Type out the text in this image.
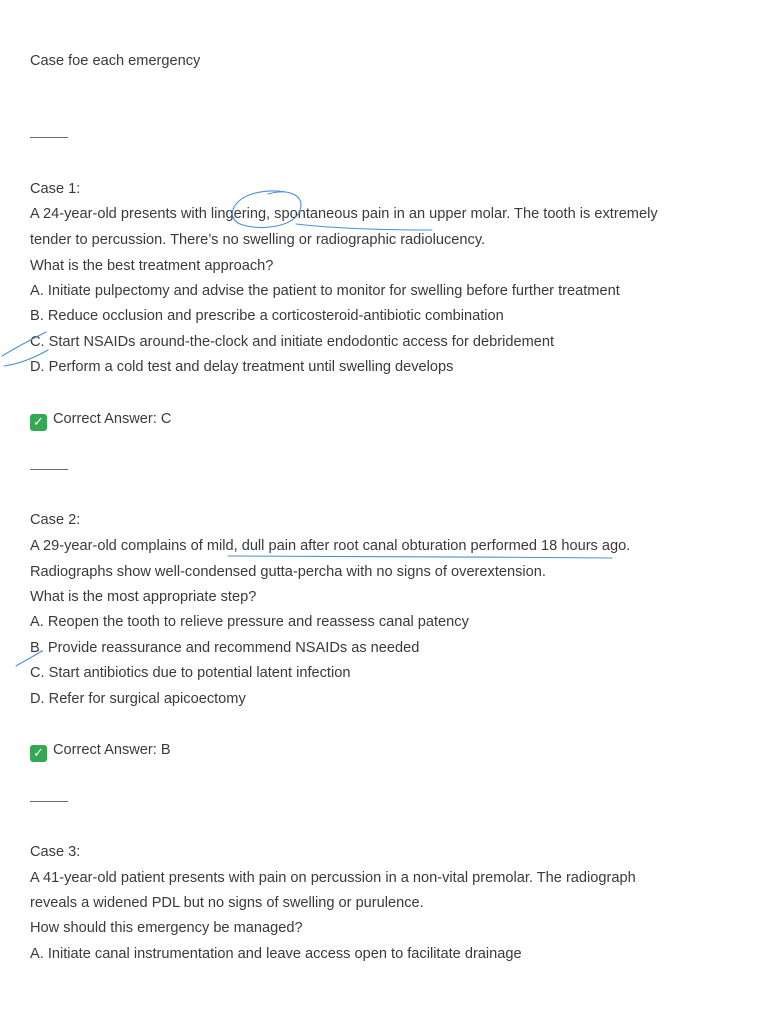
Case foe each emergency
Case 1:
A 24-year-old presents with lingering, spontaneous pain in an upper molar. The tooth is extremely
tender to percussion. There’s no swelling or radiographic radiolucency.
What is the best treatment approach?
A. Initiate pulpectomy and advise the patient to monitor for swelling before further treatment
B. Reduce occlusion and prescribe a corticosteroid-antibiotic combination
C. Start NSAIDs around-the-clock and initiate endodontic access for debridement
D. Perform a cold test and delay treatment until swelling develops
✓ Correct Answer: C
Case 2:
A 29-year-old complains of mild, dull pain after root canal obturation performed 18 hours ago.
Radiographs show well-condensed gutta-percha with no signs of overextension.
What is the most appropriate step?
A. Reopen the tooth to relieve pressure and reassess canal patency
B. Provide reassurance and recommend NSAIDs as needed
C. Start antibiotics due to potential latent infection
D. Refer for surgical apicoectomy
✓ Correct Answer: B
Case 3:
A 41-year-old patient presents with pain on percussion in a non-vital premolar. The radiograph
reveals a widened PDL but no signs of swelling or purulence.
How should this emergency be managed?
A. Initiate canal instrumentation and leave access open to facilitate drainage
